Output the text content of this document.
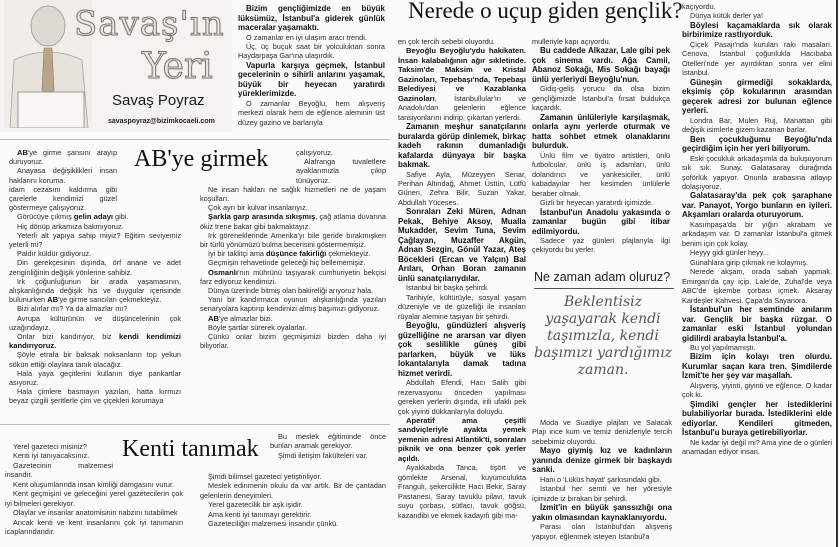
Savaş'ın
Yeri
Savaş Poyraz
savaspoyraz@bizimkocaeli.com

Bizim gençliğimizde en büyük lüksümüz, İstanbul'a giderek günlük maceralar yaşamaktı.

O zamanlar en iyi ulaşım aracı trendi.

Üç, üç buçuk saat bir yolculuktan sonra Haydarpaşa Gar'ına ulaşırdık.

Vapurla karşıya geçmek, İstanbul gecelerinin o sihirli anlarını yaşamak, büyük bir heyecan yaratırdı yüreklerimizde.

O zamanlar Beyoğlu, hem alışveriş merkezi olarak hem de eğlence aleminin üst düzey gazino ve barlarıyla

AB'ye girmek

AB'ye girme şansını arayıp duruyoruz.

Anayasa değişiklikleri insan haklarını koruma.

idam cezasını kaldırma gibi çarelerle kendimizi güzel göstermeye çalışıyoruz.

Görücüye çıkmış gelin adayı gibi.

Hiç dönüp arkamıza bakmıyoruz.

Yeterli alt yapıya sahip miyiz? Eğitim seviyemiz yeterli mi?

Paldır küldür gidiyoruz.

Din gerekçesinin dışında, örf anane ve adet zenginliğinin değişik yönlerine sahibiz.

Irk çoğunluğunun bir arada yaşamasının, alışkanlığında değişik his ve duygular içerisinde bulunurken AB'ye girme sancıları çekmekteyiz.

Bizi alırlar mı? Ya da almazlar mı?

Avrupa kültürünün ve düşüncelerinin çok uzağındayız.

Onlar bizi kandırıyor, biz kendi kendimizi kandırıyoruz.

Şöyle etrafa bir baksak noksanların top yekun sökün ettiği olaylara tanık olacağız.

Hala yaya geçitlerini kullanın diye pankartlar asıyoruz.

Hala çimlere basmayın yazıları, hatta kırmızı beyaz çizgili şeritlerle çim ve çiçekleri korumaya

çalışıyoruz.

Alafranga tuvaletlere ayaklarımızla çıkıp tünüyoruz.

Ne insan hakları ne sağlık hizmetleri ne de yaşam koşulları.

Çok ayrı bir kulvar insanlarıyız.

Şarkla garp arasında sıkışmış, çağ atlama duvarına ökiz trene bakar gibi bakmaktayız.

Irk göreneklerinde Amerika'yı bile geride bırakmışken bir türlü yönümüzü bulma becerisini göstermemişiz.

İyi bir taklitçi ama düşünce fakirliği çekmekteyiz.

Geçmişin rehavetinde geleceği hiç bellememişiz.

Osmanlı'nın mührünü taşıyarak cumhuriyetin bekçisi farz ediyoruz kendimizi.

Dünya üzerinde bitmiş olan bakireliği arıyoruz hala.

Yani bir kandırmaca oyunun alışkanlığında yazılan senaryolara kaptırıp kendimizi almış başımızı gidiyoruz.

AB'ye almazlar bizi.

Böyle şartlar sürerek oyalarlar.

Çünkü onlar bizim geçmişimizi bizden daha iyi biliyorlar.

Kenti tanımak

Yerel gazeteci misiniz?

Kenti iyi tanıyacaksınız.

Gazetecinin malzemesi insandır.

Kent oluşumlarında insan kimliği damgasını vurur.

Kent geçmişini ve geleceğini yerel gazetecilerin çok iyi bilmeleri gerekiyor.

Olaylar ve insanlar anatomisinin nabzını tutabilmek

Ancak kenti ve kent insanlarını çok iyi tanımanın icaplarındandır.

Bu meslek eğitiminde önce bunları aramak gerekiyor.

Şimdi iletişim fakülteleri var.

Şimdi bilimsel gazeteci yetiştiriliyor.

Meslek edinmenin okulu da var artık. Bir de çantadan gelenlerin deneyimleri.

Yerel gazetecilik bir aşk işidir.

Ama kenti iyi tanımayı gerektirir.

Gazeteciliğin malzemesi insandır çünkü.

Nerede o uçup giden gençlik?

en çok tercih sebebi oluyordu.

Beyoğlu Beyoğlu'ydu hakikaten. İnsan kalabalığının ağır sıkletinde. Taksim'de Maksim ve Kristal Gazinoları, Tepebaşı'nda, Tepebaşı Belediyesi ve Kazablanka Gazinoları, İstanbullular'ın ve Anadolu'dan gelenlerin eğlence tansiyonlarını indirip, çıkartan yerlerdi.

Zamanın meşhur sanatçılarını buralarda görüp dinlemek, birkaç kadeh rakının dumanladığı kafalarda dünyaya bir başka bakmak.

Safiye Ayla, Müzeyyen Senar, Perihan Altındağ, Ahmet Üstün, Lütfü Güneri, Zehra Bilir, Suzan Yakar, Abdullah Yüceses.

Sonraları Zeki Müren, Adnan Pekak, Behiye Aksoy, Mualla Mukadder, Sevim Tuna, Sevim Çağlayan, Muzaffer Akgün, Adnan Sezgin, Gönül Yazar, Ateş Böcekleri (Ercan ve Yalçın) Bal Arıları, Orhan Boran zamanın ünlü sanatçılarıydılar.

İstanbul bir başka şehirdi.

Tarihiyle, kültürüyle, sosyal yaşam düzeniyle ve de güzelliği ile insanları rüyalar alemine taşıyan bir şehirdi.

Beyoğlu, gündüzleri alışveriş güzelliğine ne ararsan var diyen çok seslilikle güneş gibi parlarken, büyük ve lüks lokantalarıyla damak tadına hizmet verirdi.

Abdullah Efendi, Hacı Salih gibi rezervasyonu önceden yapılması gereken yerlerin dışında, irili ufaklı pek çok yiyinti dükkanlarıyla doluydu.

Aperatif ama çeşitli sandviçleriyle ayakta yemek yemenin adresi Atlantik'ti, sonraları piknik ve ona benzer çok yerler açıldı.

Ayakkabıda Tanca, tişört ve gömlekte Arsenal, kuyumculukta Frangulı, şekercilikte Hacı Bekir, Saray Pastanesi, Saray tavuklu pilavı, tavuk suyu çorbası, sütlacı, tavuk göğsü, kazandibi ve ekmek kadayıfı gibi ma-

mulleriyle kapı açıyordu.

Bu caddede Alkazar, Lale gibi pek çok sinema vardı. Ağa Camii, Abanoz Sokağı, Mis Sokağı bayağı ünlü yerleriydi Beyoğlu'nun.

Gidiş-geliş yorucu da olsa bizim gençliğimizde İstanbul'a fırsat buldukça kaçardık.

Zamanın ünlüleriyle karşılaşmak, onlarla aynı yerlerde oturmak ve hatta sohbet etmek olanaklarını bulurduk.

Ünlü film ve tiyatro artistleri, ünlü futbolcular, ünlü iş adamları, ünlü dolandırıcı ve yankesiciler, ünlü kabadayılar her kesimden ünlülerle beraber olmak.

Gizli bir heyecan yaratırdı içimizde.

İstanbul'un Anadolu yakasında o zamanlar bugün gibi itibar edilmiyordu.

Sadece yaz günleri plajlarıyla ilgi çekiyordu bu yerler.

Ne zaman adam oluruz?
Beklentisiz yaşayarak kendi taşımızla, kendi başımızı yardığımız zaman.

Moda ve Suadiye plajları ve Salacak Plajı ince kum ve temiz denizleriyle tercih sebebimiz oluyordu.

Mayo giymiş kız ve kadınların yanında denize girmek bir başkaydı sanki.

Hani o 'Lüküs hayat' şarkısındaki gibi.

İstanbul her semti ve her yöresiyle içimizde iz bırakan bir şehirdi.

İzmit'in en büyük şanssızlığı ona yakın olmasından kaynaklanıyordu.

Parası olan İstanbul'dan alışveriş yapıyor, eğlenmek isteyen İstanbul'a

kaçıyordu.

Dünya kütük derler ya!

Böylesi kaçamaklarda sık olarak birbirimize rastlıyorduk.

Çiçek Pasajı'nda kurulan rakı masaları. Cenova, İstanbul çoğunlukla Hacıbaba Otelleri'nde yer ayırdıktan sonra ver elini İstanbul.

Güneşin girmediği sokaklarda, ekşimiş çöp kokularının arasından geçerek adresi zor bulunan eğlence yerleri.

Londra Bar, Mulen Ruj, Manattan gibi değişik isimlerle gizem kazanan barlar.

Ben çocukluğumu Beyoğlu'nda geçirdiğim için her yeri biliyorum.

Eski çocukluk arkadaşımla da buluşuyorum sık sık. Sunay, Galatasaray durağında şoförlük yapıyor. Onunla arabasına atlayıp dolaşıyoruz.

Galatasaray'da pek çok şaraphane var. Panayot, Yorgo bunların en iyileri. Akşamları oralarda oturuyorum.

Kasımpaşa'da bir yığın akrabam ve arkadaşım var. O zamanlar İstanbul'a gitmek benim için çok kolay.

Heyyy gidi günler heyy...

Günahlara girip çıkmak ne kolaymış.

Nerede akşam, orada sabah yapmak. Emirgan'da çay içip, Lale'de, Zuhal'de veya ABC'de işkembe çorbası içmek. Aksaray Kardeşler Kahvesi. Çapa'da Sayanora.

İstanbul'un her semtinde anılarım var. Gençlik bir başka rüzgar. O zamanlar eski İstanbul yolundan gidilirdi arabayla İstanbul'a.

Bu yol yapılmamıştı.

Bizim için kolayı tren olurdu. Kurumlar saçan kara tren. Şimdilerde İzmit'te her şey var maşallah.

Alışveriş, yiyinti, giyinti ve eğlence. O kadar çok ki.

Şimdiki gençler her istediklerini bulabiliyorlar burada. İstediklerini elde ediyorlar. Kendileri gitmeden, İstanbul'u buraya getirebiliyorlar.

Ne kadar iyi değil mi? Ama yine de o günleri anamadan ediyor insan.
